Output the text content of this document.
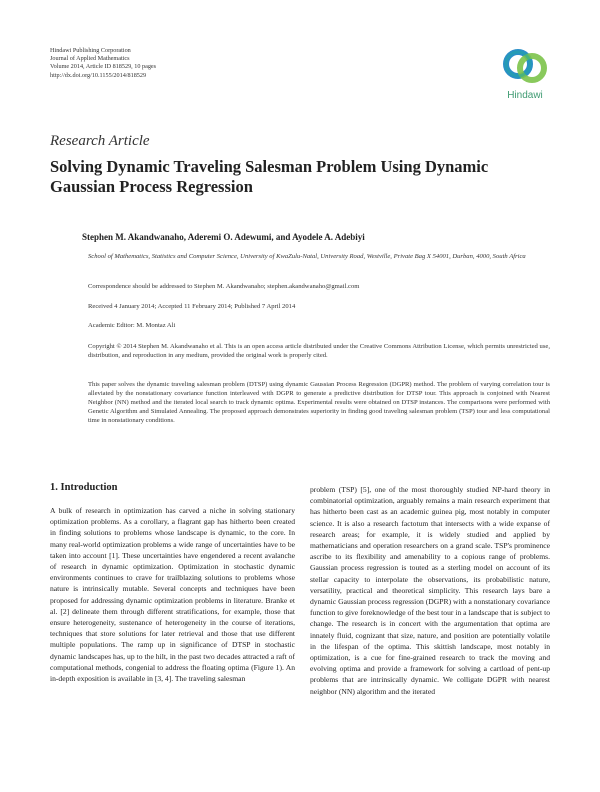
Hindawi Publishing Corporation
Journal of Applied Mathematics
Volume 2014, Article ID 818529, 10 pages
http://dx.doi.org/10.1155/2014/818529
Hindawi
Research Article
Solving Dynamic Traveling Salesman Problem Using Dynamic Gaussian Process Regression
Stephen M. Akandwanaho, Aderemi O. Adewumi, and Ayodele A. Adebiyi
School of Mathematics, Statistics and Computer Science, University of KwaZulu-Natal, University Road, Westville, Private Bag X 54001, Durban, 4000, South Africa
Correspondence should be addressed to Stephen M. Akandwanaho; stephen.akandwanaho@gmail.com
Received 4 January 2014; Accepted 11 February 2014; Published 7 April 2014
Academic Editor: M. Montaz Ali
Copyright © 2014 Stephen M. Akandwanaho et al. This is an open access article distributed under the Creative Commons Attribution License, which permits unrestricted use, distribution, and reproduction in any medium, provided the original work is properly cited.
This paper solves the dynamic traveling salesman problem (DTSP) using dynamic Gaussian Process Regression (DGPR) method. The problem of varying correlation tour is alleviated by the nonstationary covariance function interleaved with DGPR to generate a predictive distribution for DTSP tour. This approach is conjoined with Nearest Neighbor (NN) method and the iterated local search to track dynamic optima. Experimental results were obtained on DTSP instances. The comparisons were performed with Genetic Algorithm and Simulated Annealing. The proposed approach demonstrates superiority in finding good traveling salesman problem (TSP) tour and less computational time in nonstationary conditions.
1. Introduction
A bulk of research in optimization has carved a niche in solving stationary optimization problems. As a corollary, a flagrant gap has hitherto been created in finding solutions to problems whose landscape is dynamic, to the core. In many real-world optimization problems a wide range of uncertainties have to be taken into account [1]. These uncertainties have engendered a recent avalanche of research in dynamic optimization. Optimization in stochastic dynamic environments continues to crave for trailblazing solutions to problems whose nature is intrinsically mutable. Several concepts and techniques have been proposed for addressing dynamic optimization problems in literature. Branke et al. [2] delineate them through different stratifications, for example, those that ensure heterogeneity, sustenance of heterogeneity in the course of iterations, techniques that store solutions for later retrieval and those that use different multiple populations. The ramp up in significance of DTSP in stochastic dynamic landscapes has, up to the hilt, in the past two decades attracted a raft of computational methods, congenial to address the floating optima (Figure 1). An in-depth exposition is available in [3, 4]. The traveling salesman
problem (TSP) [5], one of the most thoroughly studied NP-hard theory in combinatorial optimization, arguably remains a main research experiment that has hitherto been cast as an academic guinea pig, most notably in computer science. It is also a research factotum that intersects with a wide expanse of research areas; for example, it is widely studied and applied by mathematicians and operation researchers on a grand scale. TSP's prominence ascribe to its flexibility and amenability to a copious range of problems. Gaussian process regression is touted as a sterling model on account of its stellar capacity to interpolate the observations, its probabilistic nature, versatility, practical and theoretical simplicity. This research lays bare a dynamic Gaussian process regression (DGPR) with a nonstationary covariance function to give foreknowledge of the best tour in a landscape that is subject to change. The research is in concert with the argumentation that optima are innately fluid, cognizant that size, nature, and position are potentially volatile in the lifespan of the optima. This skittish landscape, most notably in optimization, is a cue for fine-grained research to track the moving and evolving optima and provide a framework for solving a cartload of pent-up problems that are intrinsically dynamic. We colligate DGPR with nearest neighbor (NN) algorithm and the iterated
